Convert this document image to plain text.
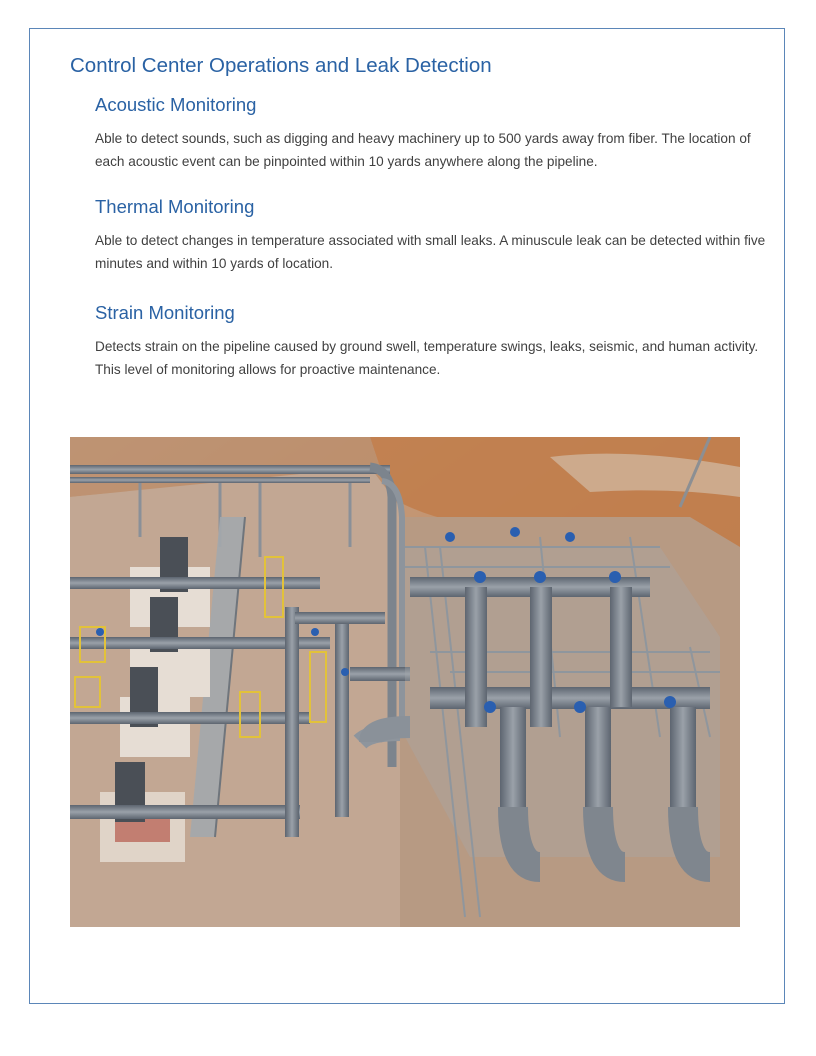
Control Center Operations and Leak Detection
Acoustic Monitoring

Able to detect sounds, such as digging and heavy machinery up to 500 yards away from fiber. The location of each acoustic event can be pinpointed within 10 yards anywhere along the pipeline.

Thermal Monitoring

Able to detect changes in temperature associated with small leaks. A minuscule leak can be detected within five minutes and within 10 yards of location.

Strain Monitoring

Detects strain on the pipeline caused by ground swell, temperature swings, leaks, seismic, and human activity. This level of monitoring allows for proactive maintenance.
